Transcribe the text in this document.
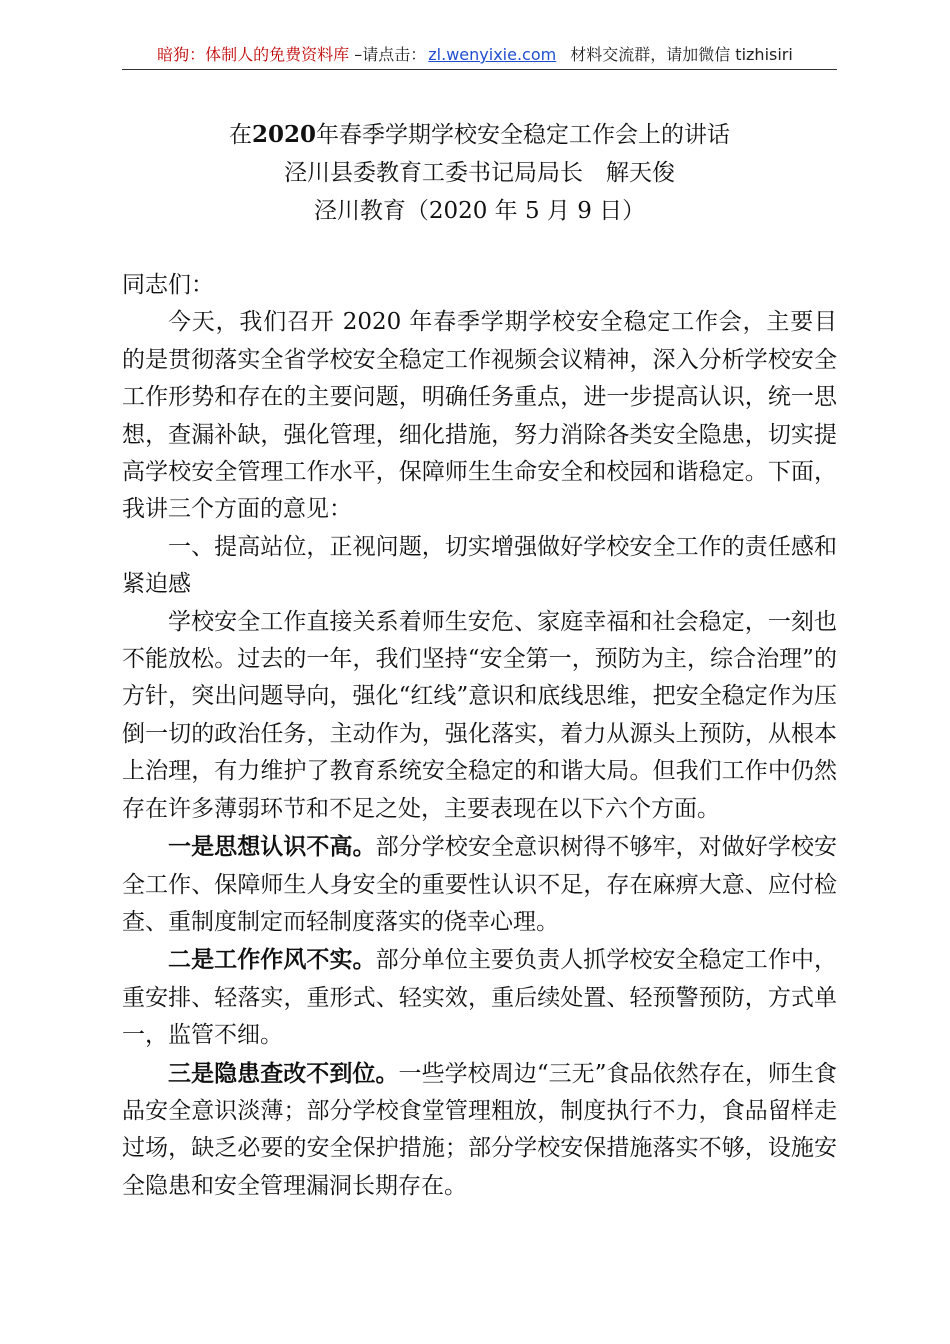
暗狗：体制人的免费资料库 –请点击： zl.wenyixie.com 材料交流群，请加微信 tizhisiri
在2020年春季学期学校安全稳定工作会上的讲话
泾川县委教育工委书记局局长　解天俊
泾川教育（2020 年 5 月 9 日）

同志们：

今天，我们召开 2020 年春季学期学校安全稳定工作会，主要目的是贯彻落实全省学校安全稳定工作视频会议精神，深入分析学校安全工作形势和存在的主要问题，明确任务重点，进一步提高认识，统一思想，查漏补缺，强化管理，细化措施，努力消除各类安全隐患，切实提高学校安全管理工作水平，保障师生生命安全和校园和谐稳定。下面，我讲三个方面的意见：

一、提高站位，正视问题，切实增强做好学校安全工作的责任感和紧迫感

学校安全工作直接关系着师生安危、家庭幸福和社会稳定，一刻也不能放松。过去的一年，我们坚持“安全第一，预防为主，综合治理”的方针，突出问题导向，强化“红线”意识和底线思维，把安全稳定作为压倒一切的政治任务，主动作为，强化落实，着力从源头上预防，从根本上治理，有力维护了教育系统安全稳定的和谐大局。但我们工作中仍然存在许多薄弱环节和不足之处，主要表现在以下六个方面。

一是思想认识不高。部分学校安全意识树得不够牢，对做好学校安全工作、保障师生人身安全的重要性认识不足，存在麻痹大意、应付检查、重制度制定而轻制度落实的侥幸心理。

二是工作作风不实。部分单位主要负责人抓学校安全稳定工作中，重安排、轻落实，重形式、轻实效，重后续处置、轻预警预防，方式单一，监管不细。

三是隐患查改不到位。一些学校周边“三无”食品依然存在，师生食品安全意识淡薄；部分学校食堂管理粗放，制度执行不力，食品留样走过场，缺乏必要的安全保护措施；部分学校安保措施落实不够，设施安全隐患和安全管理漏洞长期存在。
